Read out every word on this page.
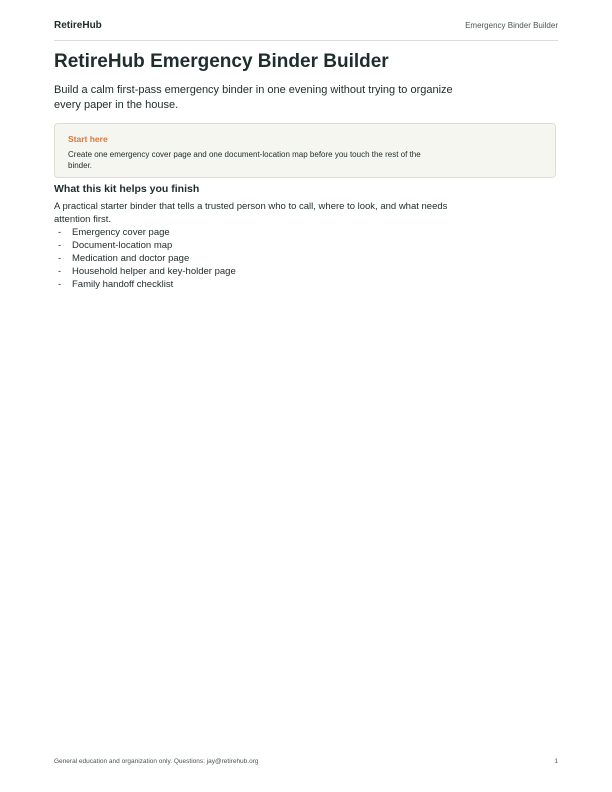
RetireHub	Emergency Binder Builder
RetireHub Emergency Binder Builder

Build a calm first-pass emergency binder in one evening without trying to organize every paper in the house.

Start here

Create one emergency cover page and one document-location map before you touch the rest of the binder.

What this kit helps you finish

A practical starter binder that tells a trusted person who to call, where to look, and what needs attention first.

- Emergency cover page
- Document-location map
- Medication and doctor page
- Household helper and key-holder page
- Family handoff checklist
General education and organization only. Questions: jay@retirehub.org	1
